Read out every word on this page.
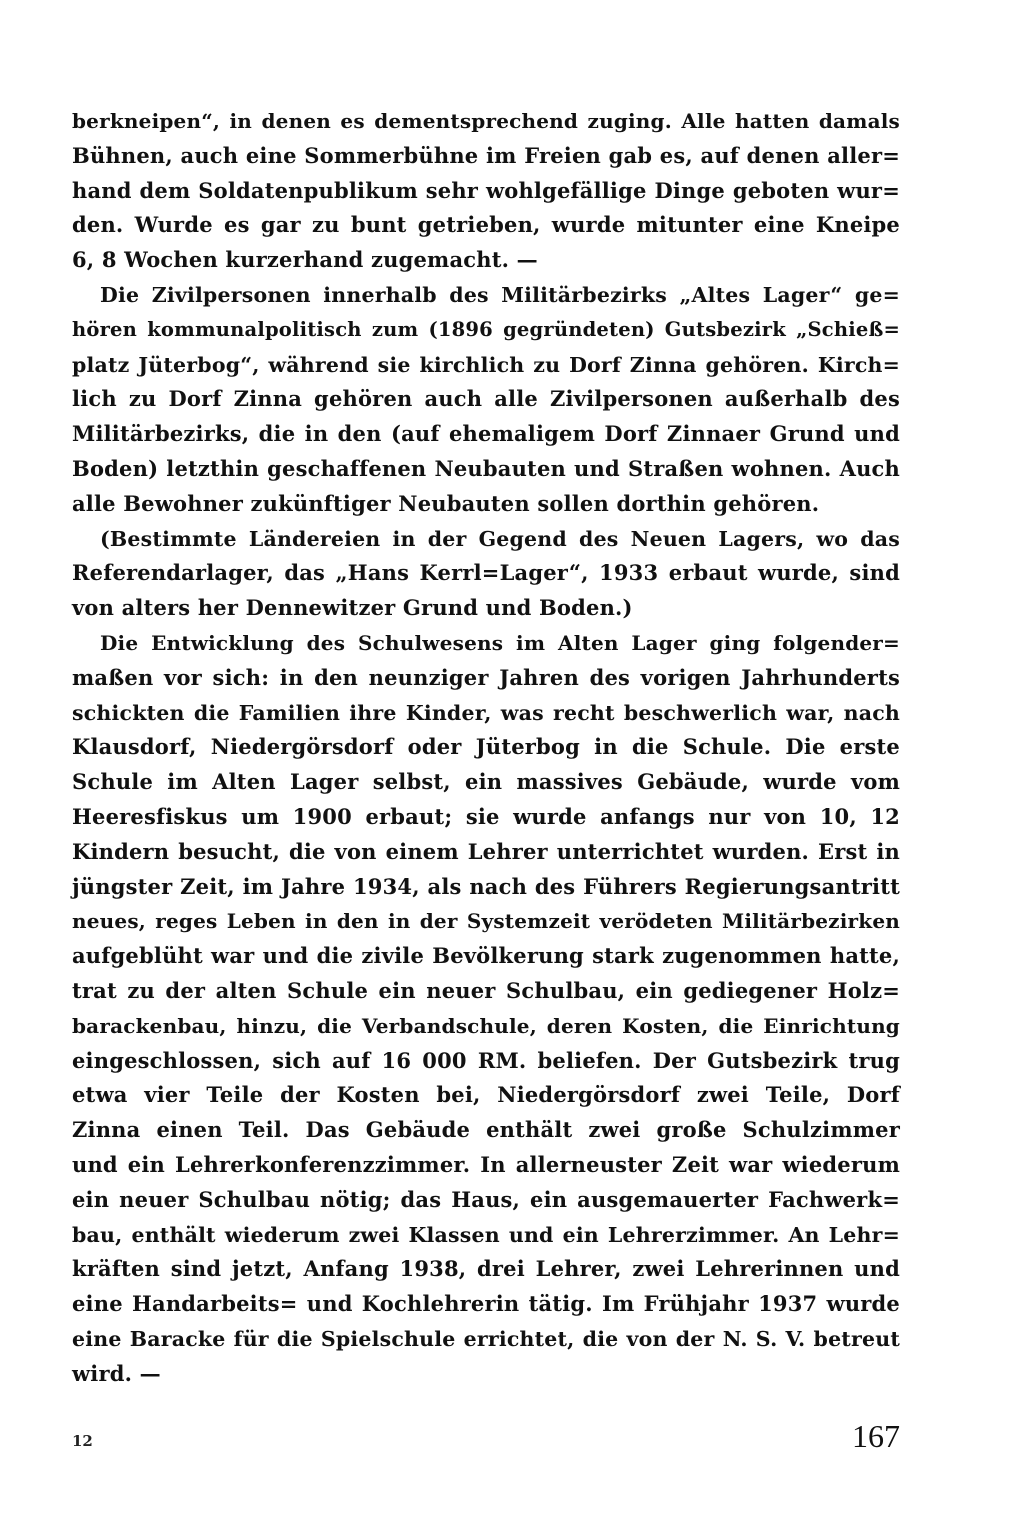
berkneipen“, in denen es dementsprechend zuging. Alle hatten damals
Bühnen, auch eine Sommerbühne im Freien gab es, auf denen aller=
hand dem Soldatenpublikum sehr wohlgefällige Dinge geboten wur=
den. Wurde es gar zu bunt getrieben, wurde mitunter eine Kneipe
6, 8 Wochen kurzerhand zugemacht. —
Die Zivilpersonen innerhalb des Militärbezirks „Altes Lager“ ge=
hören kommunalpolitisch zum (1896 gegründeten) Gutsbezirk „Schieß=
platz Jüterbog“, während sie kirchlich zu Dorf Zinna gehören. Kirch=
lich zu Dorf Zinna gehören auch alle Zivilpersonen außerhalb des
Militärbezirks, die in den (auf ehemaligem Dorf Zinnaer Grund und
Boden) letzthin geschaffenen Neubauten und Straßen wohnen. Auch
alle Bewohner zukünftiger Neubauten sollen dorthin gehören.
(Bestimmte Ländereien in der Gegend des Neuen Lagers, wo das
Referendarlager, das „Hans Kerrl=Lager“, 1933 erbaut wurde, sind
von alters her Dennewitzer Grund und Boden.)
Die Entwicklung des Schulwesens im Alten Lager ging folgender=
maßen vor sich: in den neunziger Jahren des vorigen Jahrhunderts
schickten die Familien ihre Kinder, was recht beschwerlich war, nach
Klausdorf, Niedergörsdorf oder Jüterbog in die Schule. Die erste
Schule im Alten Lager selbst, ein massives Gebäude, wurde vom
Heeresfiskus um 1900 erbaut; sie wurde anfangs nur von 10, 12
Kindern besucht, die von einem Lehrer unterrichtet wurden. Erst in
jüngster Zeit, im Jahre 1934, als nach des Führers Regierungsantritt
neues, reges Leben in den in der Systemzeit verödeten Militärbezirken
aufgeblüht war und die zivile Bevölkerung stark zugenommen hatte,
trat zu der alten Schule ein neuer Schulbau, ein gediegener Holz=
barackenbau, hinzu, die Verbandschule, deren Kosten, die Einrichtung
eingeschlossen, sich auf 16 000 RM. beliefen. Der Gutsbezirk trug
etwa vier Teile der Kosten bei, Niedergörsdorf zwei Teile, Dorf
Zinna einen Teil. Das Gebäude enthält zwei große Schulzimmer
und ein Lehrerkonferenzzimmer. In allerneuster Zeit war wiederum
ein neuer Schulbau nötig; das Haus, ein ausgemauerter Fachwerk=
bau, enthält wiederum zwei Klassen und ein Lehrerzimmer. An Lehr=
kräften sind jetzt, Anfang 1938, drei Lehrer, zwei Lehrerinnen und
eine Handarbeits= und Kochlehrerin tätig. Im Frühjahr 1937 wurde
eine Baracke für die Spielschule errichtet, die von der N. S. V. betreut
wird. —
12	167
